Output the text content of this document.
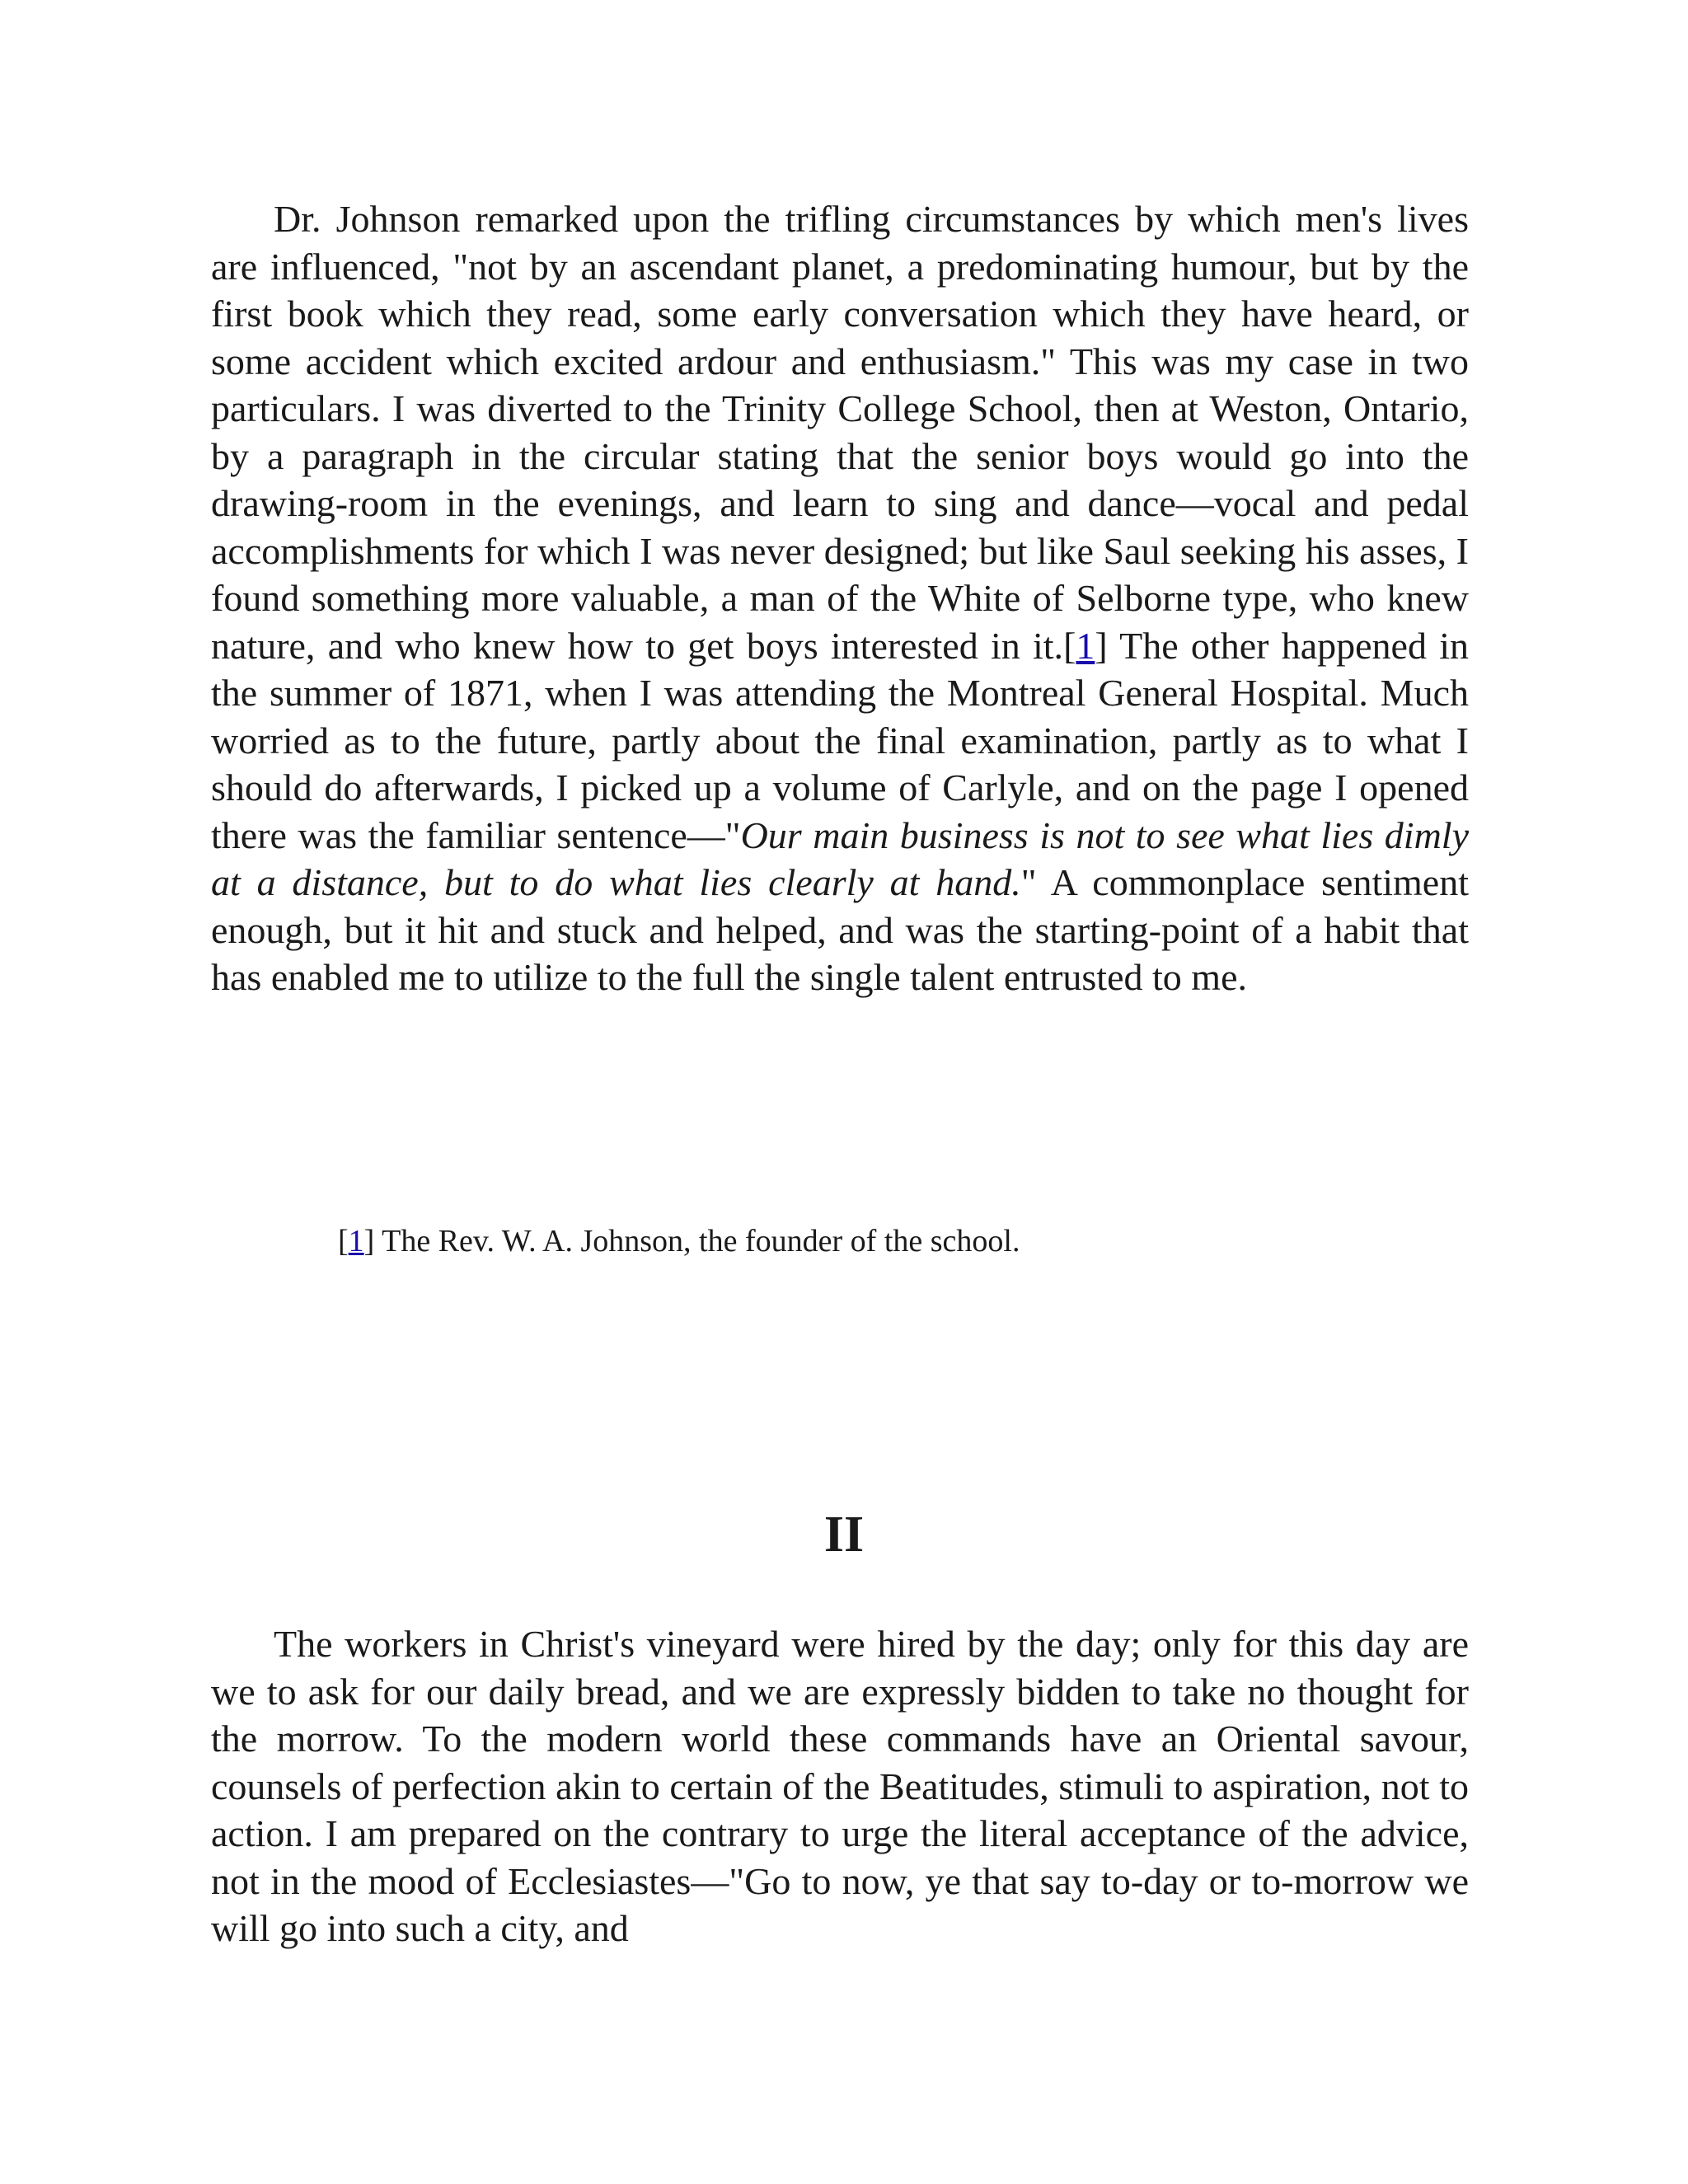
Dr. Johnson remarked upon the trifling circumstances by which men's lives are influenced, "not by an ascendant planet, a predominating humour, but by the first book which they read, some early conversation which they have heard, or some accident which excited ardour and enthusiasm." This was my case in two particulars. I was diverted to the Trinity College School, then at Weston, Ontario, by a paragraph in the circular stating that the senior boys would go into the drawing-room in the evenings, and learn to sing and dance—vocal and pedal accomplishments for which I was never designed; but like Saul seeking his asses, I found something more valuable, a man of the White of Selborne type, who knew nature, and who knew how to get boys interested in it.[1] The other happened in the summer of 1871, when I was attending the Montreal General Hospital. Much worried as to the future, partly about the final examination, partly as to what I should do afterwards, I picked up a volume of Carlyle, and on the page I opened there was the familiar sentence—"Our main business is not to see what lies dimly at a distance, but to do what lies clearly at hand." A commonplace sentiment enough, but it hit and stuck and helped, and was the starting-point of a habit that has enabled me to utilize to the full the single talent entrusted to me.

[1] The Rev. W. A. Johnson, the founder of the school.

II

The workers in Christ's vineyard were hired by the day; only for this day are we to ask for our daily bread, and we are expressly bidden to take no thought for the morrow. To the modern world these commands have an Oriental savour, counsels of perfection akin to certain of the Beatitudes, stimuli to aspiration, not to action. I am prepared on the contrary to urge the literal acceptance of the advice, not in the mood of Ecclesiastes—"Go to now, ye that say to-day or to-morrow we will go into such a city, and
